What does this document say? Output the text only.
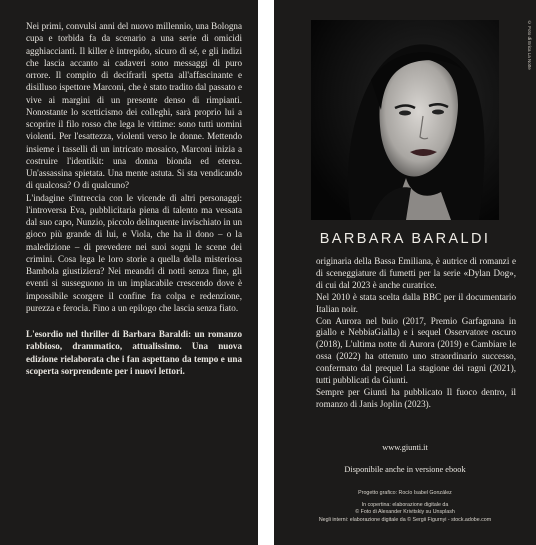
Nei primi, convulsi anni del nuovo millennio, una Bologna cupa e torbida fa da scenario a una serie di omicidi agghiaccianti. Il killer è intrepido, sicuro di sé, e gli indizi che lascia accanto ai cadaveri sono messaggi di puro orrore. Il compito di decifrarli spetta all'affascinante e disilluso ispettore Marconi, che è stato tradito dal passato e vive ai margini di un presente denso di rimpianti. Nonostante lo scetticismo dei colleghi, sarà proprio lui a scoprire il filo rosso che lega le vittime: sono tutti uomini violenti. Per l'esattezza, violenti verso le donne. Mettendo insieme i tasselli di un intricato mosaico, Marconi inizia a costruire l'identikit: una donna bionda ed eterea. Un'assassina spietata. Una mente astuta. Si sta vendicando di qualcosa? O di qualcuno?

L'indagine s'intreccia con le vicende di altri personaggi: l'introversa Eva, pubblicitaria piena di talento ma vessata dal suo capo, Nunzio, piccolo delinquente invischiato in un gioco più grande di lui, e Viola, che ha il dono – o la maledizione – di prevedere nei suoi sogni le scene dei crimini. Cosa lega le loro storie a quella della misteriosa Bambola giustiziera? Nei meandri di notti senza fine, gli eventi si susseguono in un implacabile crescendo dove è impossibile scorgere il confine fra colpa e redenzione, purezza e ferocia. Fino a un epilogo che lascia senza fiato.

L'esordio nel thriller di Barbara Baraldi: un romanzo rabbioso, drammatico, attualissimo. Una nuova edizione rielaborata che i fan aspettano da tempo e una scoperta sorprendente per i nuovi lettori.

© Foto di Erica La Notte
BARBARA BARALDI

originaria della Bassa Emiliana, è autrice di romanzi e di sceneggiature di fumetti per la serie «Dylan Dog», di cui dal 2023 è anche curatrice.

Nel 2010 è stata scelta dalla BBC per il documentario Italian noir.

Con Aurora nel buio (2017, Premio Garfagnana in giallo e NebbiaGialla) e i sequel Osservatore oscuro (2018), L'ultima notte di Aurora (2019) e Cambiare le ossa (2022) ha ottenuto uno straordinario successo, confermato dal prequel La stagione dei ragni (2021), tutti pubblicati da Giunti.

Sempre per Giunti ha pubblicato Il fuoco dentro, il romanzo di Janis Joplin (2023).

www.giunti.it
Disponibile anche in versione ebook
Progetto grafico: Rocío Isabel González
In copertina: elaborazione digitale da
© Foto di Alexander Krivitskiy su Unsplash
Negli interni: elaborazione digitale da © Sergii Figurnyi - stock.adobe.com
